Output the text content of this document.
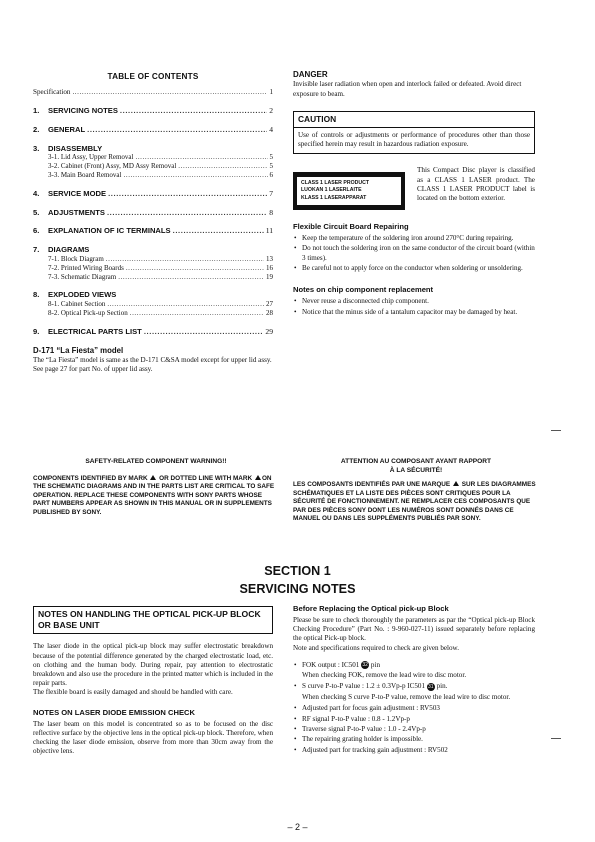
TABLE OF CONTENTS
Specification .....	1
1. SERVICING NOTES .....	2
2. GENERAL .....	4
3. DISASSEMBLY
3-1. Lid Assy, Upper Removal .....	5
3-2. Cabinet (Front) Assy, MD Assy Removal .....	5
3-3. Main Board Removal .....	6
4. SERVICE MODE .....	7
5. ADJUSTMENTS .....	8
6. EXPLANATION OF IC TERMINALS .....	11
7. DIAGRAMS
7-1. Block Diagram .....	13
7-2. Printed Wiring Boards .....	16
7-3. Schematic Diagram .....	19
8. EXPLODED VIEWS
8-1. Cabinet Section .....	27
8-2. Optical Pick-up Section .....	28
9. ELECTRICAL PARTS LIST .....	29
D-171 “La Fiesta” model
The “La Fiesta” model is same as the D-171 C&SA model except for upper lid assy.
See page 27 for part No. of upper lid assy.
DANGER
Invisible laser radiation when open and interlock failed or defeated. Avoid direct exposure to beam.
CAUTION
Use of controls or adjustments or performance of procedures other than those specified herein may result in hazardous radiation exposure.
CLASS 1 LASER PRODUCT
LUOKAN 1 LASERLAITE
KLASS 1 LASERAPPARAT
This Compact Disc player is classified as a CLASS 1 LASER product. The CLASS 1 LASER PRODUCT label is located on the bottom exterior.
Flexible Circuit Board Repairing
• Keep the temperature of the soldering iron around 270°C during repairing.
• Do not touch the soldering iron on the same conductor of the circuit board (within 3 times).
• Be careful not to apply force on the conductor when soldering or unsoldering.
Notes on chip component replacement
• Never reuse a disconnected chip component.
• Notice that the minus side of a tantalum capacitor may be damaged by heat.
SAFETY-RELATED COMPONENT WARNING!!
COMPONENTS IDENTIFIED BY MARK OR DOTTED LINE WITH MARK ON THE SCHEMATIC DIAGRAMS AND IN THE PARTS LIST ARE CRITICAL TO SAFE OPERATION. REPLACE THESE COMPONENTS WITH SONY PARTS WHOSE PART NUMBERS APPEAR AS SHOWN IN THIS MANUAL OR IN SUPPLEMENTS PUBLISHED BY SONY.
ATTENTION AU COMPOSANT AYANT RAPPORT
À LA SÉCURITÉ!
LES COMPOSANTS IDENTIFIÉS PAR UNE MARQUE SUR LES DIAGRAMMES SCHÉMATIQUES ET LA LISTE DES PIÈCES SONT CRITIQUES POUR LA SÉCURITÉ DE FONCTIONNEMENT. NE REMPLACER CES COMPOSANTS QUE PAR DES PIÈCES SONY DONT LES NUMÉROS SONT DONNÉS DANS CE MANUEL OU DANS LES SUPPLÉMENTS PUBLIÉS PAR SONY.
SECTION 1
SERVICING NOTES
NOTES ON HANDLING THE OPTICAL PICK-UP BLOCK OR BASE UNIT
The laser diode in the optical pick-up block may suffer electrostatic breakdown because of the potential difference generated by the charged electrostatic load, etc. on clothing and the human body. During repair, pay attention to electrostatic breakdown and also use the procedure in the printed matter which is included in the repair parts.
The flexible board is easily damaged and should be handled with care.
NOTES ON LASER DIODE EMISSION CHECK
The laser beam on this model is concentrated so as to be focused on the disc reflective surface by the objective lens in the optical pick-up block. Therefore, when checking the laser diode emission, observe from more than 30cm away from the objective lens.
Before Replacing the Optical pick-up Block
Please be sure to check thoroughly the parameters as par the “Optical pick-up Block Checking Procedure” (Part No. : 9-960-027-11) issued separately before replacing the optical Pick-up block.
Note and specifications required to check are given below.
• FOK output : IC501 32 pin
When checking FOK, remove the lead wire to disc motor.
• S curve P-to-P value : 1.2 ± 0.3Vp-p IC501 31 pin.
When checking S curve P-to-P value, remove the lead wire to disc motor.
• Adjusted part for focus gain adjustment : RV503
• RF signal P-to-P value : 0.8 - 1.2Vp-p
• Traverse signal P-to-P value : 1.0 - 2.4Vp-p
• The repairing grating holder is impossible.
• Adjusted part for tracking gain adjustment : RV502
– 2 –
